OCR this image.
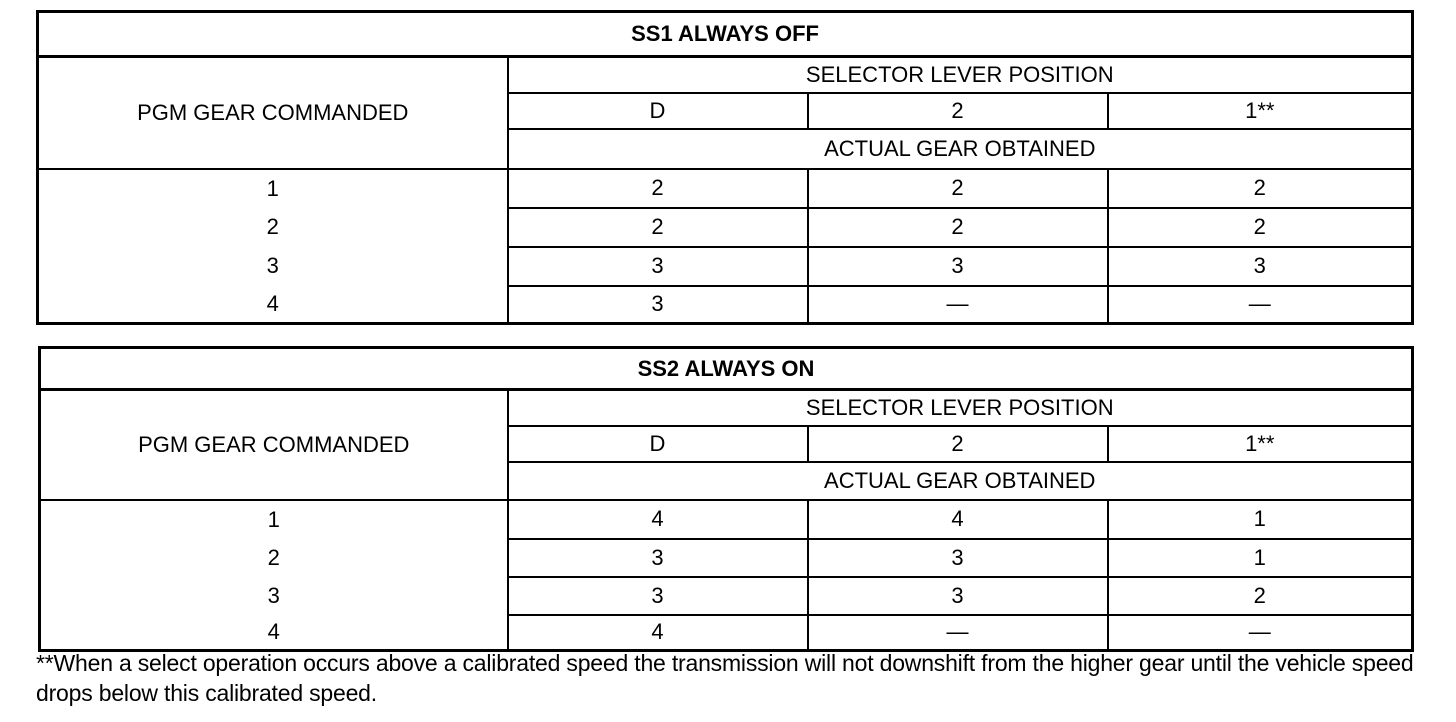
SS1 ALWAYS OFF			
PGM GEAR COMMANDED	SELECTOR LEVER POSITION		
	D	2	1**
	ACTUAL GEAR OBTAINED		
1	2	2	2
2	2	2	2
3	3	3	3
4	3	—	—
SS2 ALWAYS ON			
PGM GEAR COMMANDED	SELECTOR LEVER POSITION		
	D	2	1**
	ACTUAL GEAR OBTAINED		
1	4	4	1
2	3	3	1
3	3	3	2
4	4	—	—
**When a select operation occurs above a calibrated speed the transmission will not downshift from the higher gear until the vehicle speed drops below this calibrated speed.
